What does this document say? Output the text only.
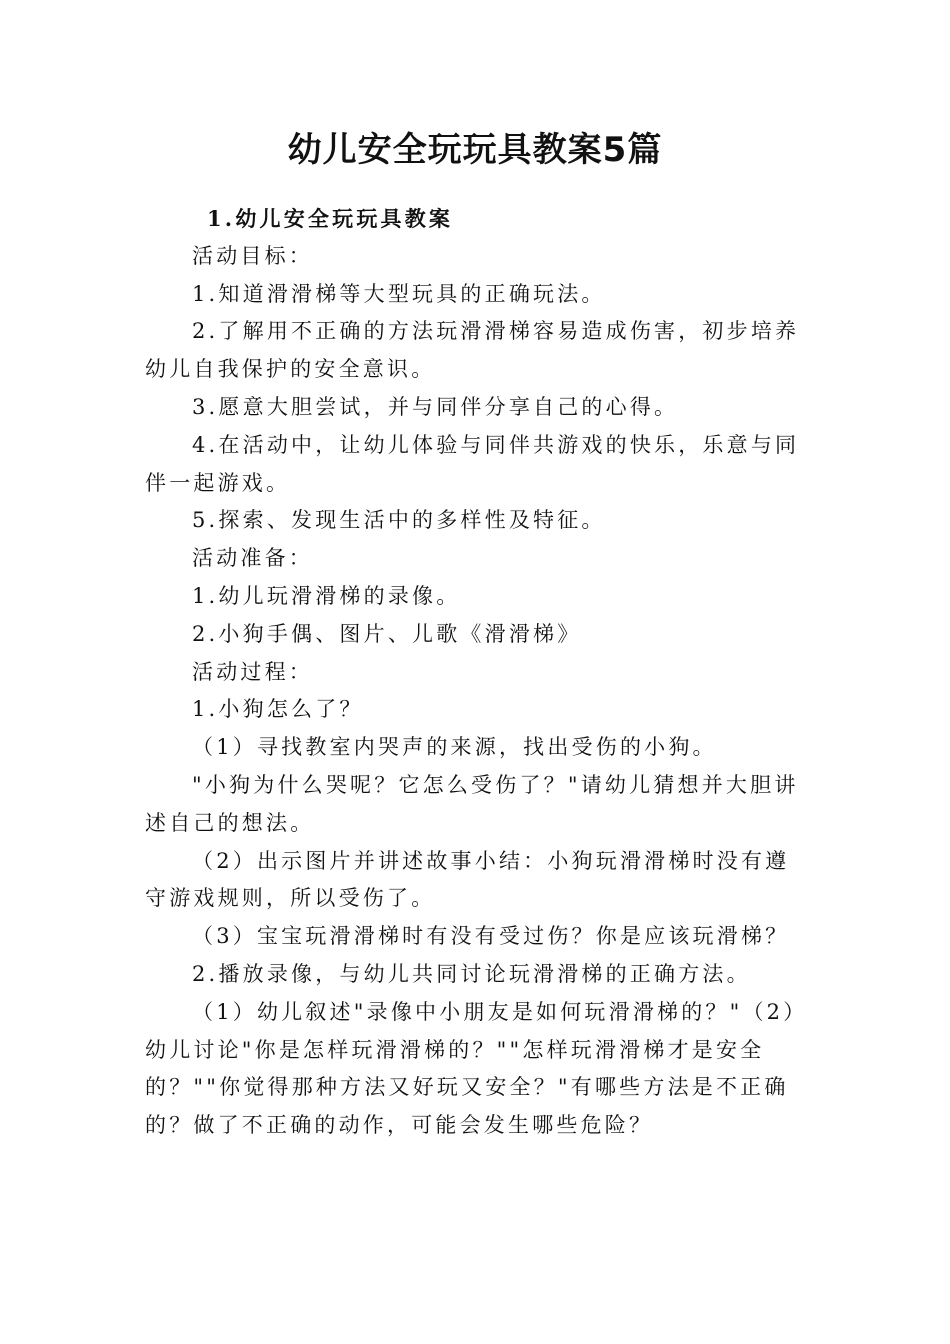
幼儿安全玩玩具教案5篇

1.幼儿安全玩玩具教案

活动目标：

1.知道滑滑梯等大型玩具的正确玩法。

2.了解用不正确的方法玩滑滑梯容易造成伤害，初步培养幼儿自我保护的安全意识。

3.愿意大胆尝试，并与同伴分享自己的心得。

4.在活动中，让幼儿体验与同伴共游戏的快乐，乐意与同伴一起游戏。

5.探索、发现生活中的多样性及特征。

活动准备：

1.幼儿玩滑滑梯的录像。

2.小狗手偶、图片、儿歌《滑滑梯》

活动过程：

1.小狗怎么了？

（1）寻找教室内哭声的来源，找出受伤的小狗。

"小狗为什么哭呢？它怎么受伤了？"请幼儿猜想并大胆讲述自己的想法。

（2）出示图片并讲述故事小结：小狗玩滑滑梯时没有遵守游戏规则，所以受伤了。

（3）宝宝玩滑滑梯时有没有受过伤？你是应该玩滑梯？

2.播放录像，与幼儿共同讨论玩滑滑梯的正确方法。

（1）幼儿叙述"录像中小朋友是如何玩滑滑梯的？"（2）幼儿讨论"你是怎样玩滑滑梯的？""怎样玩滑滑梯才是安全的？""你觉得那种方法又好玩又安全？"有哪些方法是不正确的？做了不正确的动作，可能会发生哪些危险？
